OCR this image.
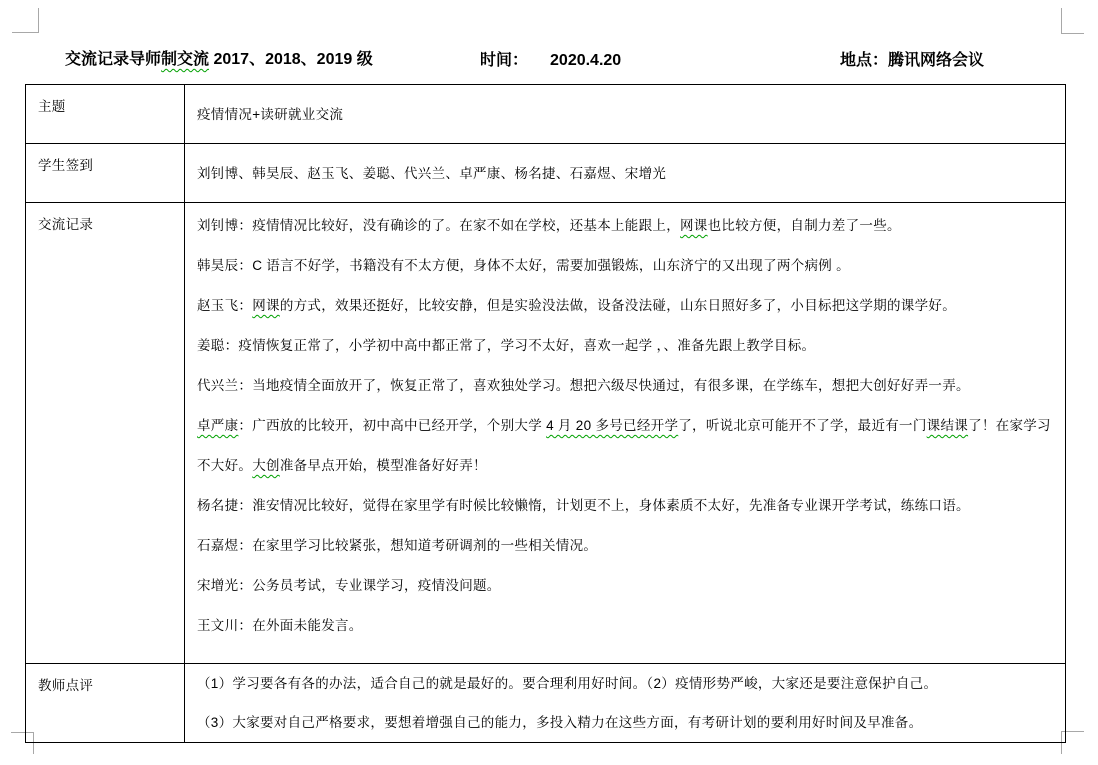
交流记录导师制交流 2017、2018、2019 级	时间： 2020.4.20	地点：腾讯网络会议
主题	疫情情况+读研就业交流

学生签到	刘钊博、韩昊辰、赵玉飞、姜聪、代兴兰、卓严康、杨名捷、石嘉煜、宋增光

交流记录	刘钊博：疫情情况比较好，没有确诊的了。在家不如在学校，还基本上能跟上，网课也比较方便，自制力差了一些。

韩昊辰：C 语言不好学，书籍没有不太方便，身体不太好，需要加强锻炼，山东济宁的又出现了两个病例 。

赵玉飞：网课的方式，效果还挺好，比较安静，但是实验没法做，设备没法碰，山东日照好多了，小目标把这学期的课学好。

姜聪：疫情恢复正常了，小学初中高中都正常了，学习不太好，喜欢一起学 ，、准备先跟上教学目标。

代兴兰：当地疫情全面放开了，恢复正常了，喜欢独处学习。想把六级尽快通过，有很多课，在学练车，想把大创好好弄一弄。

卓严康：广西放的比较开，初中高中已经开学，个别大学 4 月 20 多号已经开学了，听说北京可能开不了学，最近有一门课结课了！在家学习不大好。大创准备早点开始，模型准备好好弄！

杨名捷：淮安情况比较好，觉得在家里学有时候比较懒惰，计划更不上，身体素质不太好，先准备专业课开学考试，练练口语。

石嘉煜：在家里学习比较紧张，想知道考研调剂的一些相关情况。

宋增光：公务员考试，专业课学习，疫情没问题。

王文川：在外面未能发言。

教师点评	（1）学习要各有各的办法，适合自己的就是最好的。要合理利用好时间。（2）疫情形势严峻，大家还是要注意保护自己。

（3）大家要对自己严格要求，要想着增强自己的能力，多投入精力在这些方面，有考研计划的要利用好时间及早准备。
